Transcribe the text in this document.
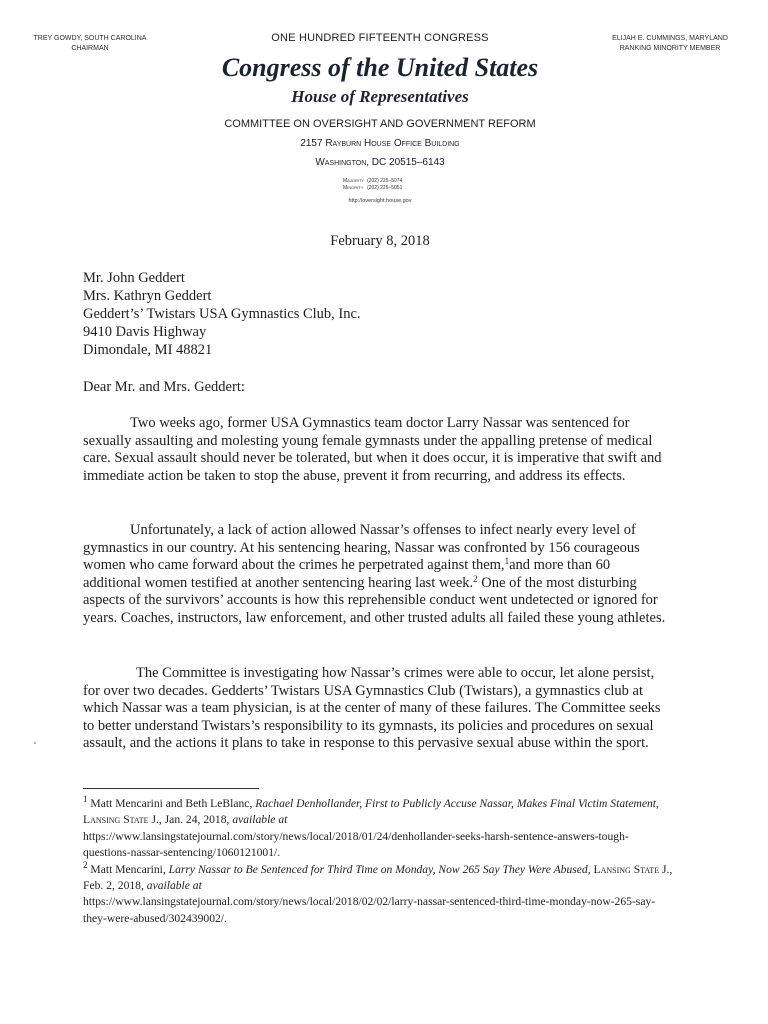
TREY GOWDY, SOUTH CAROLINA
CHAIRMAN
ONE HUNDRED FIFTEENTH CONGRESS	ELIJAH E. CUMMINGS, MARYLAND
RANKING MINORITY MEMBER
Congress of the United States
House of Representatives
COMMITTEE ON OVERSIGHT AND GOVERNMENT REFORM
2157 Rayburn House Office Building
Washington, DC 20515–6143
Majority	(202) 225–5074
Minority	(202) 225–5051
http://oversight.house.gov
February 8, 2018
Mr. John Geddert
Mrs. Kathryn Geddert
Geddert’s’ Twistars USA Gymnastics Club, Inc.
9410 Davis Highway
Dimondale, MI 48821
Dear Mr. and Mrs. Geddert:

Two weeks ago, former USA Gymnastics team doctor Larry Nassar was sentenced for sexually assaulting and molesting young female gymnasts under the appalling pretense of medical care. Sexual assault should never be tolerated, but when it does occur, it is imperative that swift and immediate action be taken to stop the abuse, prevent it from recurring, and address its effects.

Unfortunately, a lack of action allowed Nassar’s offenses to infect nearly every level of gymnastics in our country. At his sentencing hearing, Nassar was confronted by 156 courageous women who came forward about the crimes he perpetrated against them,$^1$and more than 60 additional women testified at another sentencing hearing last week.$^2$ One of the most disturbing aspects of the survivors’ accounts is how this reprehensible conduct went undetected or ignored for years. Coaches, instructors, law enforcement, and other trusted adults all failed these young athletes.

The Committee is investigating how Nassar’s crimes were able to occur, let alone persist, for over two decades. Gedderts’ Twistars USA Gymnastics Club (Twistars), a gymnastics club at which Nassar was a team physician, is at the center of many of these failures. The Committee seeks to better understand Twistars’s responsibility to its gymnasts, its policies and procedures on sexual assault, and the actions it plans to take in response to this pervasive sexual abuse within the sport.

$^1$ Matt Mencarini and Beth LeBlanc, Rachael Denhollander, First to Publicly Accuse Nassar, Makes Final Victim Statement, Lansing State J., Jan. 24, 2018, available at
https://www.lansingstatejournal.com/story/news/local/2018/01/24/denhollander-seeks-harsh-sentence-answers-tough-questions-nassar-sentencing/1060121001/.

$^2$ Matt Mencarini, Larry Nassar to Be Sentenced for Third Time on Monday, Now 265 Say They Were Abused, Lansing State J., Feb. 2, 2018, available at
https://www.lansingstatejournal.com/story/news/local/2018/02/02/larry-nassar-sentenced-third-time-monday-now-265-say-they-were-abused/302439002/.
